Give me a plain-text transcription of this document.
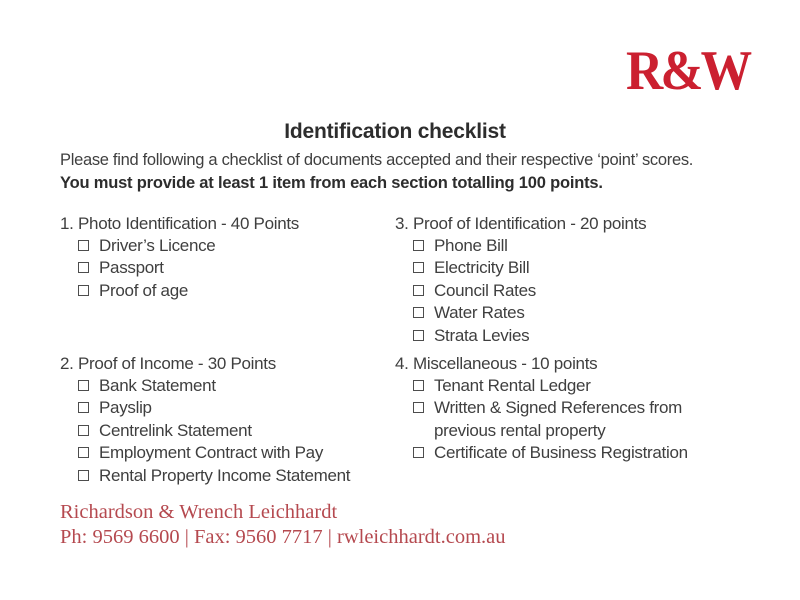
R&W
Identification checklist
Please find following a checklist of documents accepted and their respective ‘point’ scores.
You must provide at least 1 item from each section totalling 100 points.
1. Photo Identification - 40 Points
Driver’s Licence
Passport
Proof of age
3. Proof of Identification - 20 points
Phone Bill
Electricity Bill
Council Rates
Water Rates
Strata Levies
2. Proof of Income - 30 Points
Bank Statement
Payslip
Centrelink Statement
Employment Contract with Pay
Rental Property Income Statement
4. Miscellaneous - 10 points
Tenant Rental Ledger
Written & Signed References from
previous rental property
Certificate of Business Registration
Richardson & Wrench Leichhardt
Ph: 9569 6600 | Fax: 9560 7717 | rwleichhardt.com.au
